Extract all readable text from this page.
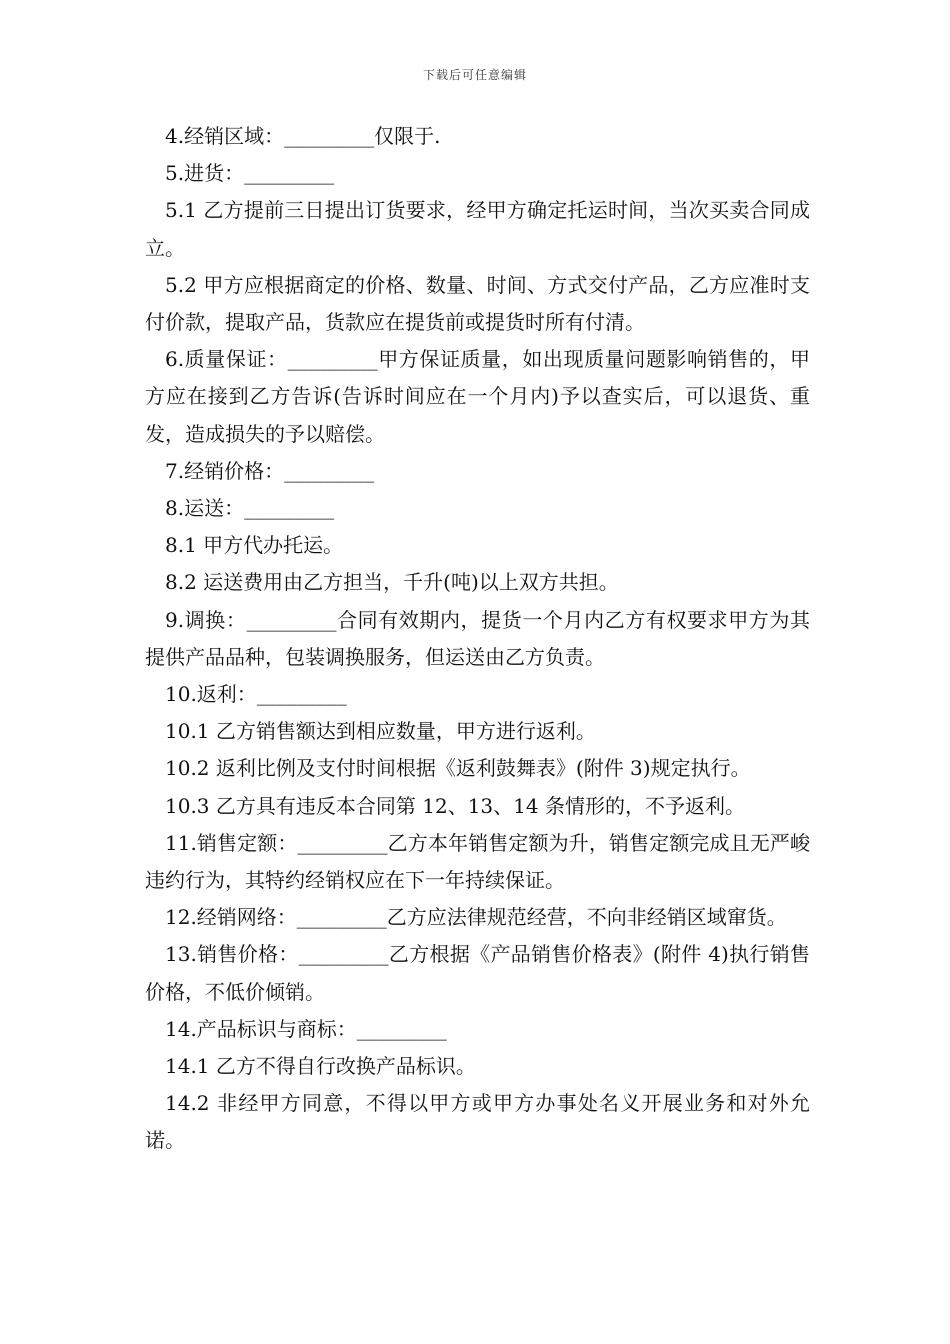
下载后可任意编辑

4.经销区域：_________仅限于.

5.进货：_________

5.1 乙方提前三日提出订货要求，经甲方确定托运时间，当次买卖合同成立。

5.2 甲方应根据商定的价格、数量、时间、方式交付产品，乙方应准时支付价款，提取产品，货款应在提货前或提货时所有付清。

6.质量保证：_________甲方保证质量，如出现质量问题影响销售的，甲方应在接到乙方告诉(告诉时间应在一个月内)予以查实后，可以退货、重发，造成损失的予以赔偿。

7.经销价格：_________

8.运送：_________

8.1 甲方代办托运。

8.2 运送费用由乙方担当，千升(吨)以上双方共担。

9.调换：_________合同有效期内，提货一个月内乙方有权要求甲方为其提供产品品种，包装调换服务，但运送由乙方负责。

10.返利：_________

10.1 乙方销售额达到相应数量，甲方进行返利。

10.2 返利比例及支付时间根据《返利鼓舞表》(附件 3)规定执行。

10.3 乙方具有违反本合同第 12、13、14 条情形的，不予返利。

11.销售定额：_________乙方本年销售定额为升，销售定额完成且无严峻违约行为，其特约经销权应在下一年持续保证。

12.经销网络：_________乙方应法律规范经营，不向非经销区域窜货。

13.销售价格：_________乙方根据《产品销售价格表》(附件 4)执行销售价格，不低价倾销。

14.产品标识与商标：_________

14.1 乙方不得自行改换产品标识。

14.2 非经甲方同意，不得以甲方或甲方办事处名义开展业务和对外允诺。
